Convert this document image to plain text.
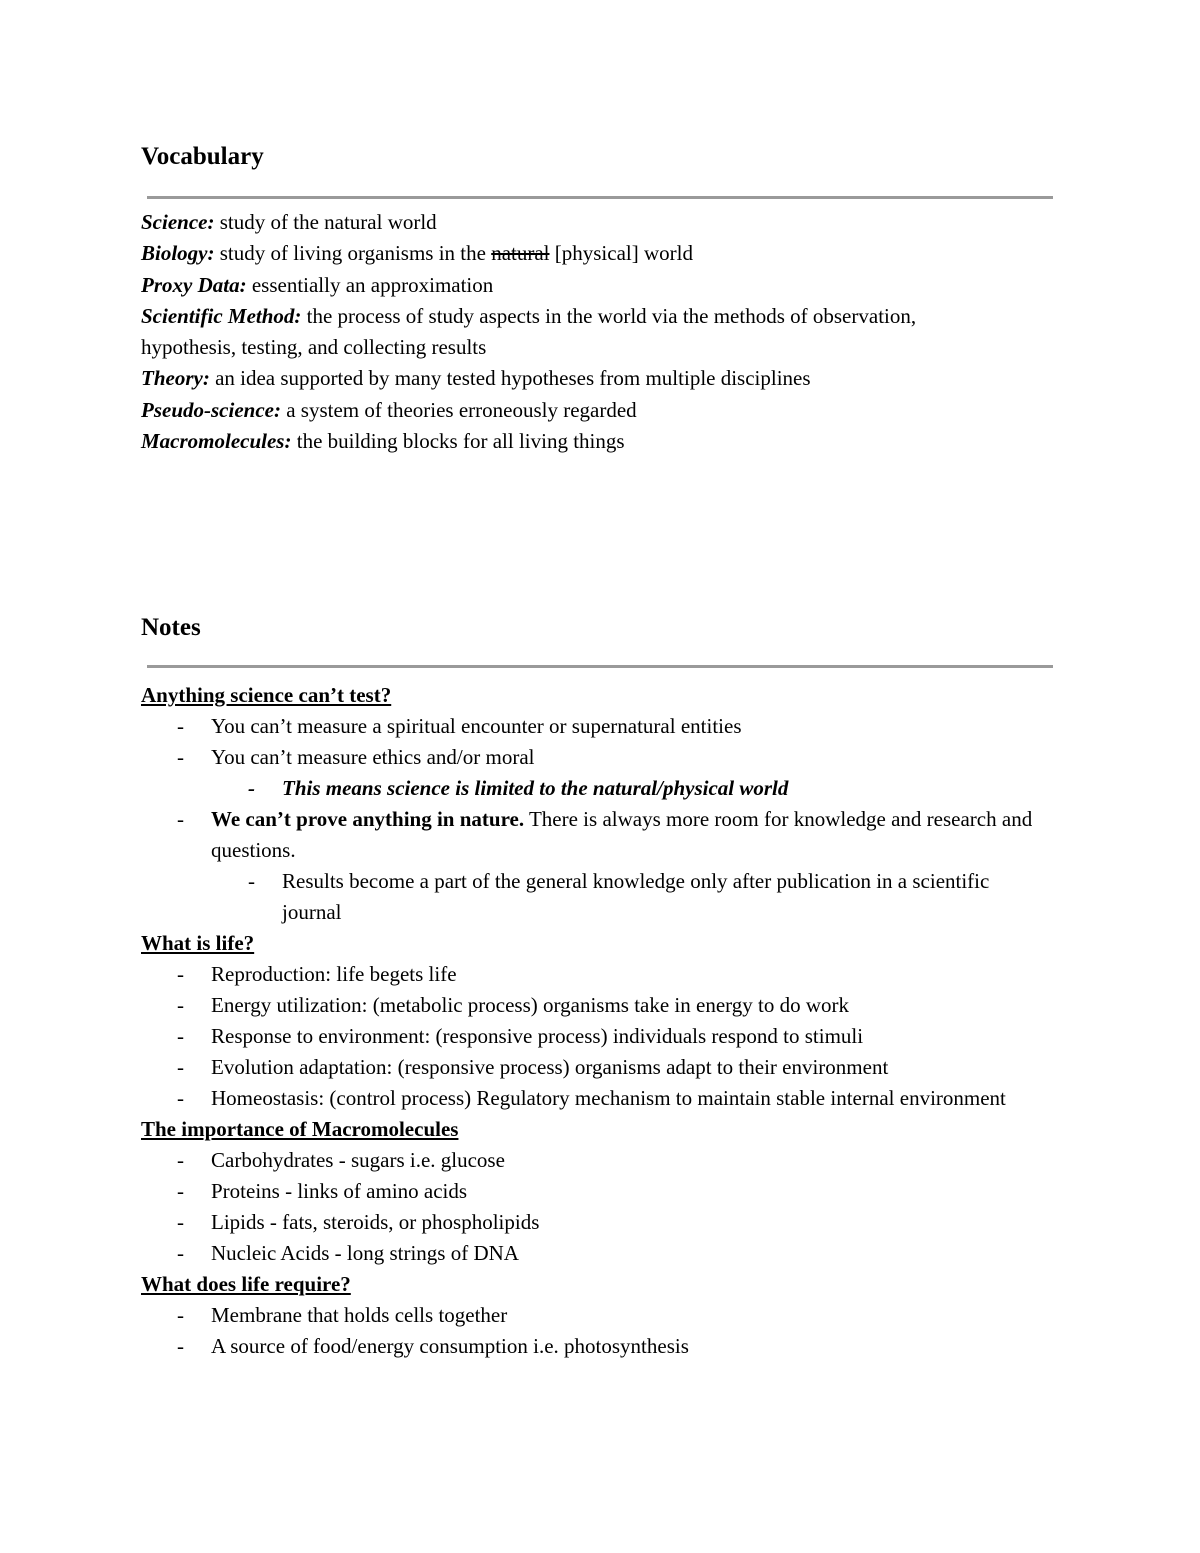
Vocabulary
Science: study of the natural world
Biology: study of living organisms in the natural [physical] world
Proxy Data: essentially an approximation
Scientific Method: the process of study aspects in the world via the methods of observation,
hypothesis, testing, and collecting results
Theory: an idea supported by many tested hypotheses from multiple disciplines
Pseudo-science: a system of theories erroneously regarded
Macromolecules: the building blocks for all living things
Notes
Anything science can’t test?
- You can’t measure a spiritual encounter or supernatural entities
- You can’t measure ethics and/or moral
- This means science is limited to the natural/physical world
- We can’t prove anything in nature. There is always more room for knowledge and research and questions.
- Results become a part of the general knowledge only after publication in a scientific journal
What is life?
- Reproduction: life begets life
- Energy utilization: (metabolic process) organisms take in energy to do work
- Response to environment: (responsive process) individuals respond to stimuli
- Evolution adaptation: (responsive process) organisms adapt to their environment
- Homeostasis: (control process) Regulatory mechanism to maintain stable internal environment
The importance of Macromolecules
- Carbohydrates - sugars i.e. glucose
- Proteins - links of amino acids
- Lipids - fats, steroids, or phospholipids
- Nucleic Acids - long strings of DNA
What does life require?
- Membrane that holds cells together
- A source of food/energy consumption i.e. photosynthesis
